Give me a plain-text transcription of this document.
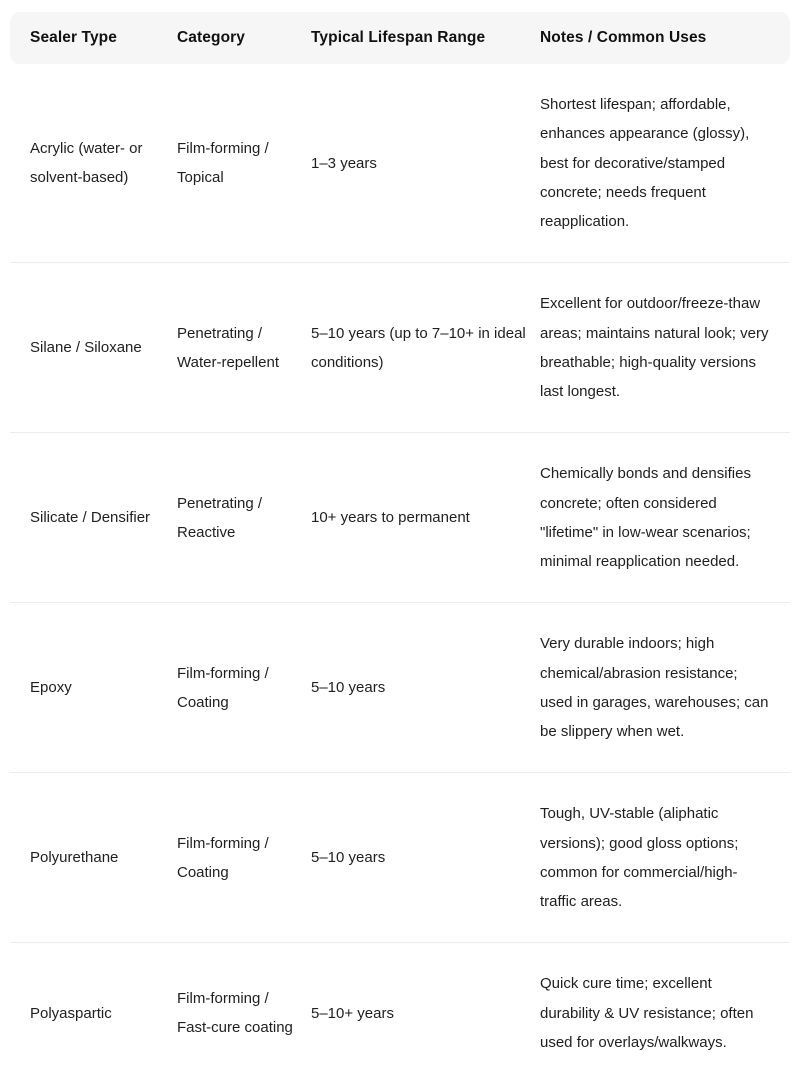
Sealer Type	Category	Typical Lifespan Range	Notes / Common Uses
Acrylic (water- or solvent-based)	Film-forming / Topical	1–3 years	Shortest lifespan; affordable, enhances appearance (glossy), best for decorative/stamped concrete; needs frequent reapplication.
Silane / Siloxane	Penetrating / Water-repellent	5–10 years (up to 7–10+ in ideal conditions)	Excellent for outdoor/freeze-thaw areas; maintains natural look; very breathable; high-quality versions last longest.
Silicate / Densifier	Penetrating / Reactive	10+ years to permanent	Chemically bonds and densifies concrete; often considered "lifetime" in low-wear scenarios; minimal reapplication needed.
Epoxy	Film-forming / Coating	5–10 years	Very durable indoors; high chemical/abrasion resistance; used in garages, warehouses; can be slippery when wet.
Polyurethane	Film-forming / Coating	5–10 years	Tough, UV-stable (aliphatic versions); good gloss options; common for commercial/high-traffic areas.
Polyaspartic	Film-forming / Fast-cure coating	5–10+ years	Quick cure time; excellent durability & UV resistance; often used for overlays/walkways.
